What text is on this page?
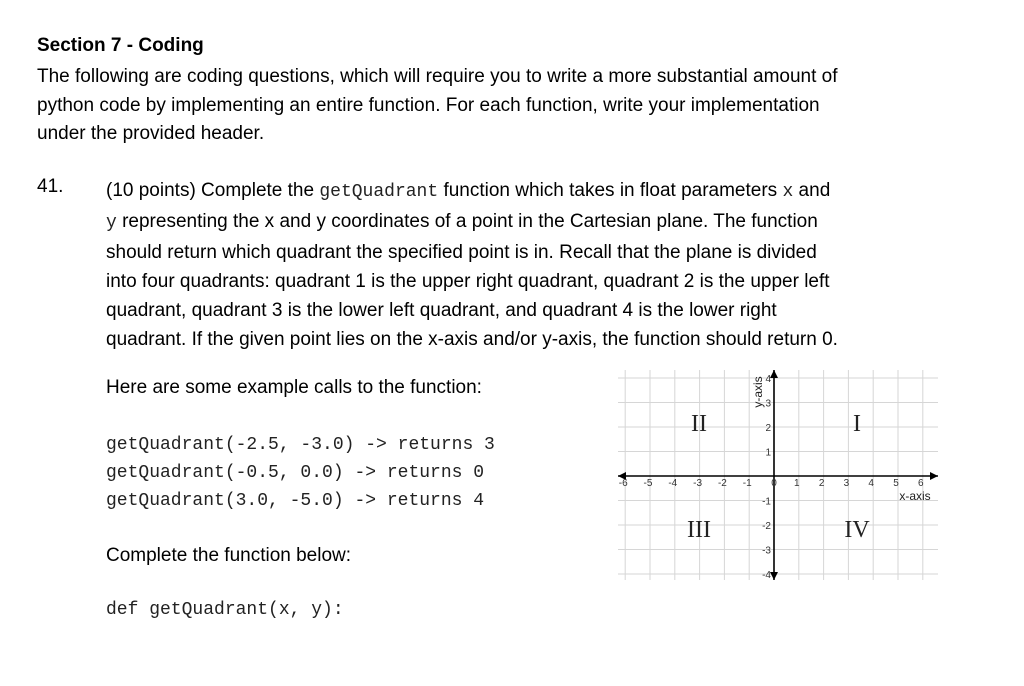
Section 7 - Coding
The following are coding questions, which will require you to write a more substantial amount of
python code by implementing an entire function. For each function, write your implementation
under the provided header.
41. (10 points) Complete the getQuadrant function which takes in float parameters x and
y representing the x and y coordinates of a point in the Cartesian plane. The function
should return which quadrant the specified point is in. Recall that the plane is divided
into four quadrants: quadrant 1 is the upper right quadrant, quadrant 2 is the upper left
quadrant, quadrant 3 is the lower left quadrant, and quadrant 4 is the lower right
quadrant. If the given point lies on the x-axis and/or y-axis, the function should return 0.
Here are some example calls to the function:
getQuadrant(-2.5, -3.0) -> returns 3
getQuadrant(-0.5, 0.0) -> returns 0
getQuadrant(3.0, -5.0) -> returns 4
Complete the function below:
def getQuadrant(x, y):
-6 -5 -4 -3 -2 -1 0 1 2 3 4 5 6
4
3
2
1
-1
-2
-3
-4
I
II
III	IV
x-axis
y-axis
